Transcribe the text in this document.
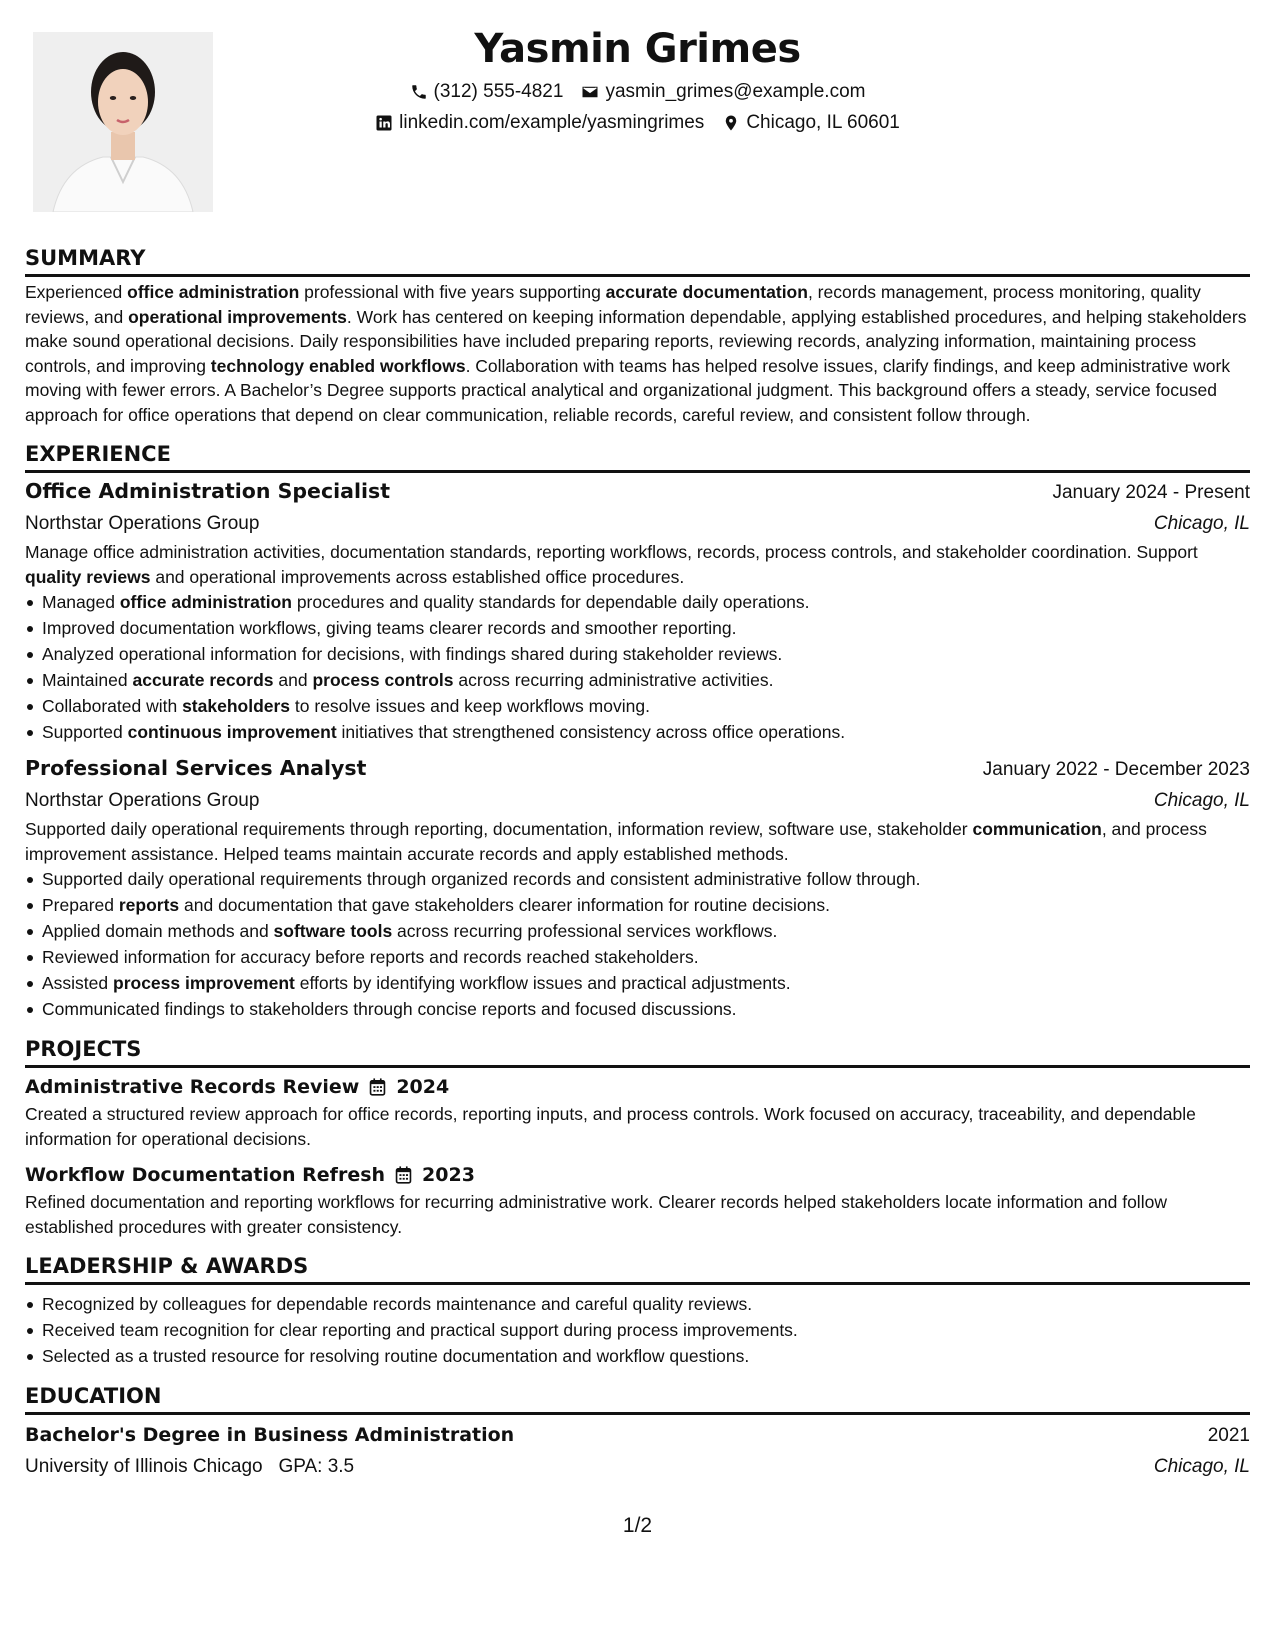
Yasmin Grimes
(312) 555-4821 yasmin_grimes@example.com
linkedin.com/example/yasmingrimes Chicago, IL 60601
SUMMARY

Experienced office administration professional with five years supporting accurate documentation, records management, process monitoring, quality reviews, and operational improvements. Work has centered on keeping information dependable, applying established procedures, and helping stakeholders make sound operational decisions. Daily responsibilities have included preparing reports, reviewing records, analyzing information, maintaining process controls, and improving technology enabled workflows. Collaboration with teams has helped resolve issues, clarify findings, and keep administrative work moving with fewer errors. A Bachelor’s Degree supports practical analytical and organizational judgment. This background offers a steady, service focused approach for office operations that depend on clear communication, reliable records, careful review, and consistent follow through.

EXPERIENCE
Office Administration Specialist	January 2024 - Present
Northstar Operations Group	Chicago, IL

Manage office administration activities, documentation standards, reporting workflows, records, process controls, and stakeholder coordination. Support quality reviews and operational improvements across established office procedures.

Managed office administration procedures and quality standards for dependable daily operations.
Improved documentation workflows, giving teams clearer records and smoother reporting.
Analyzed operational information for decisions, with findings shared during stakeholder reviews.
Maintained accurate records and process controls across recurring administrative activities.
Collaborated with stakeholders to resolve issues and keep workflows moving.
Supported continuous improvement initiatives that strengthened consistency across office operations.
Professional Services Analyst	January 2022 - December 2023
Northstar Operations Group	Chicago, IL

Supported daily operational requirements through reporting, documentation, information review, software use, stakeholder communication, and process improvement assistance. Helped teams maintain accurate records and apply established methods.

Supported daily operational requirements through organized records and consistent administrative follow through.
Prepared reports and documentation that gave stakeholders clearer information for routine decisions.
Applied domain methods and software tools across recurring professional services workflows.
Reviewed information for accuracy before reports and records reached stakeholders.
Assisted process improvement efforts by identifying workflow issues and practical adjustments.
Communicated findings to stakeholders through concise reports and focused discussions.
PROJECTS
Administrative Records Review 2024

Created a structured review approach for office records, reporting inputs, and process controls. Work focused on accuracy, traceability, and dependable information for operational decisions.

Workflow Documentation Refresh 2023

Refined documentation and reporting workflows for recurring administrative work. Clearer records helped stakeholders locate information and follow established procedures with greater consistency.

LEADERSHIP & AWARDS
Recognized by colleagues for dependable records maintenance and careful quality reviews.
Received team recognition for clear reporting and practical support during process improvements.
Selected as a trusted resource for resolving routine documentation and workflow questions.
EDUCATION
Bachelor's Degree in Business Administration	2021
University of Illinois Chicago GPA: 3.5	Chicago, IL
1/2
